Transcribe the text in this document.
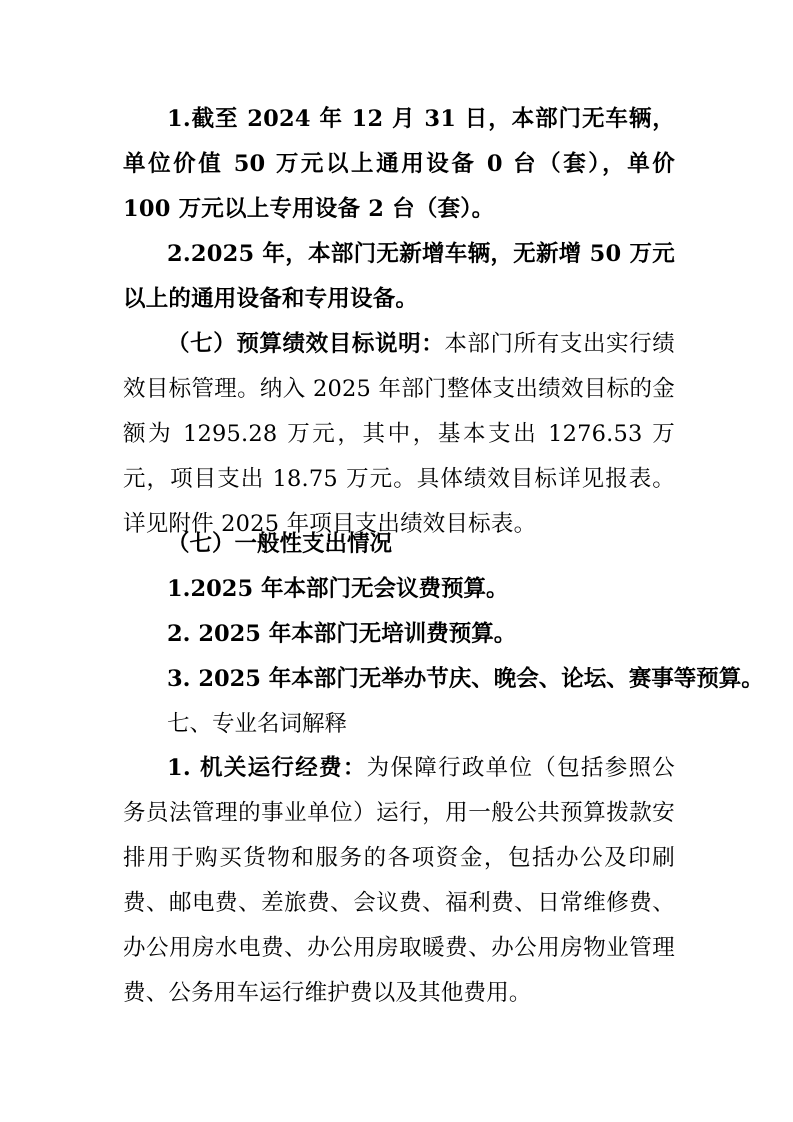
1.截至 2024 年 12 月 31 日，本部门无车辆，单位价值 50 万元以上通用设备 0 台（套），单价 100 万元以上专用设备 2 台（套）。

2.2025 年，本部门无新增车辆，无新增 50 万元以上的通用设备和专用设备。

（七）预算绩效目标说明：本部门所有支出实行绩效目标管理。纳入 2025 年部门整体支出绩效目标的金额为 1295.28 万元，其中，基本支出 1276.53 万元，项目支出 18.75 万元。具体绩效目标详见报表。详见附件 2025 年项目支出绩效目标表。

（七）一般性支出情况

1.2025 年本部门无会议费预算。

2. 2025 年本部门无培训费预算。

3. 2025 年本部门无举办节庆、晚会、论坛、赛事等预算。

七、专业名词解释

1. 机关运行经费：为保障行政单位（包括参照公务员法管理的事业单位）运行，用一般公共预算拨款安排用于购买货物和服务的各项资金，包括办公及印刷费、邮电费、差旅费、会议费、福利费、日常维修费、办公用房水电费、办公用房取暖费、办公用房物业管理费、公务用车运行维护费以及其他费用。
